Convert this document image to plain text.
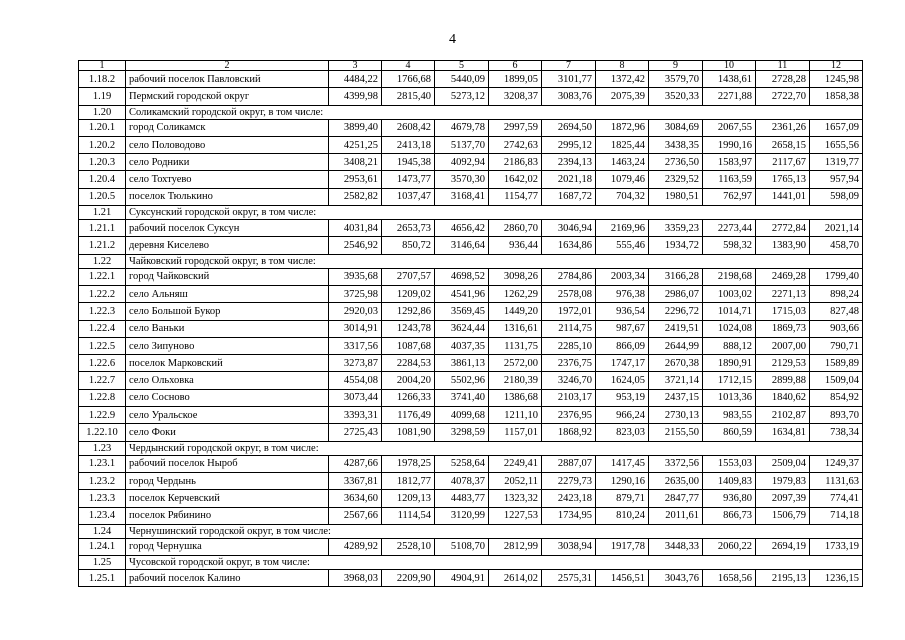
4
1	2	3	4	5	6	7	8	9	10	11	12
1.18.2	рабочий поселок Павловский	4484,22	1766,68	5440,09	1899,05	3101,77	1372,42	3579,70	1438,61	2728,28	1245,98
1.19	Пермский городской округ	4399,98	2815,40	5273,12	3208,37	3083,76	2075,39	3520,33	2271,88	2722,70	1858,38
1.20	Соликамский городской округ, в том числе:										
1.20.1	город Соликамск	3899,40	2608,42	4679,78	2997,59	2694,50	1872,96	3084,69	2067,55	2361,26	1657,09
1.20.2	село Половодово	4251,25	2413,18	5137,70	2742,63	2995,12	1825,44	3438,35	1990,16	2658,15	1655,56
1.20.3	село Родники	3408,21	1945,38	4092,94	2186,83	2394,13	1463,24	2736,50	1583,97	2117,67	1319,77
1.20.4	село Тохтуево	2953,61	1473,77	3570,30	1642,02	2021,18	1079,46	2329,52	1163,59	1765,13	957,94
1.20.5	поселок Тюлькино	2582,82	1037,47	3168,41	1154,77	1687,72	704,32	1980,51	762,97	1441,01	598,09
1.21	Суксунский городской округ, в том числе:										
1.21.1	рабочий поселок Суксун	4031,84	2653,73	4656,42	2860,70	3046,94	2169,96	3359,23	2273,44	2772,84	2021,14
1.21.2	деревня Киселево	2546,92	850,72	3146,64	936,44	1634,86	555,46	1934,72	598,32	1383,90	458,70
1.22	Чайковский городской округ, в том числе:										
1.22.1	город Чайковский	3935,68	2707,57	4698,52	3098,26	2784,86	2003,34	3166,28	2198,68	2469,28	1799,40
1.22.2	село Альняш	3725,98	1209,02	4541,96	1262,29	2578,08	976,38	2986,07	1003,02	2271,13	898,24
1.22.3	село Большой Букор	2920,03	1292,86	3569,45	1449,20	1972,01	936,54	2296,72	1014,71	1715,03	827,48
1.22.4	село Ваньки	3014,91	1243,78	3624,44	1316,61	2114,75	987,67	2419,51	1024,08	1869,73	903,66
1.22.5	село Зипуново	3317,56	1087,68	4037,35	1131,75	2285,10	866,09	2644,99	888,12	2007,00	790,71
1.22.6	поселок Марковский	3273,87	2284,53	3861,13	2572,00	2376,75	1747,17	2670,38	1890,91	2129,53	1589,89
1.22.7	село Ольховка	4554,08	2004,20	5502,96	2180,39	3246,70	1624,05	3721,14	1712,15	2899,88	1509,04
1.22.8	село Сосново	3073,44	1266,33	3741,40	1386,68	2103,17	953,19	2437,15	1013,36	1840,62	854,92
1.22.9	село Уральское	3393,31	1176,49	4099,68	1211,10	2376,95	966,24	2730,13	983,55	2102,87	893,70
1.22.10	село Фоки	2725,43	1081,90	3298,59	1157,01	1868,92	823,03	2155,50	860,59	1634,81	738,34
1.23	Чердынский городской округ, в том числе:										
1.23.1	рабочий поселок Ныроб	4287,66	1978,25	5258,64	2249,41	2887,07	1417,45	3372,56	1553,03	2509,04	1249,37
1.23.2	город Чердынь	3367,81	1812,77	4078,37	2052,11	2279,73	1290,16	2635,00	1409,83	1979,83	1131,63
1.23.3	поселок Керчевский	3634,60	1209,13	4483,77	1323,32	2423,18	879,71	2847,77	936,80	2097,39	774,41
1.23.4	поселок Рябинино	2567,66	1114,54	3120,99	1227,53	1734,95	810,24	2011,61	866,73	1506,79	714,18
1.24	Чернушинский городской округ, в том числе:										
1.24.1	город Чернушка	4289,92	2528,10	5108,70	2812,99	3038,94	1917,78	3448,33	2060,22	2694,19	1733,19
1.25	Чусовской городской округ, в том числе:										
1.25.1	рабочий поселок Калино	3968,03	2209,90	4904,91	2614,02	2575,31	1456,51	3043,76	1658,56	2195,13	1236,15
